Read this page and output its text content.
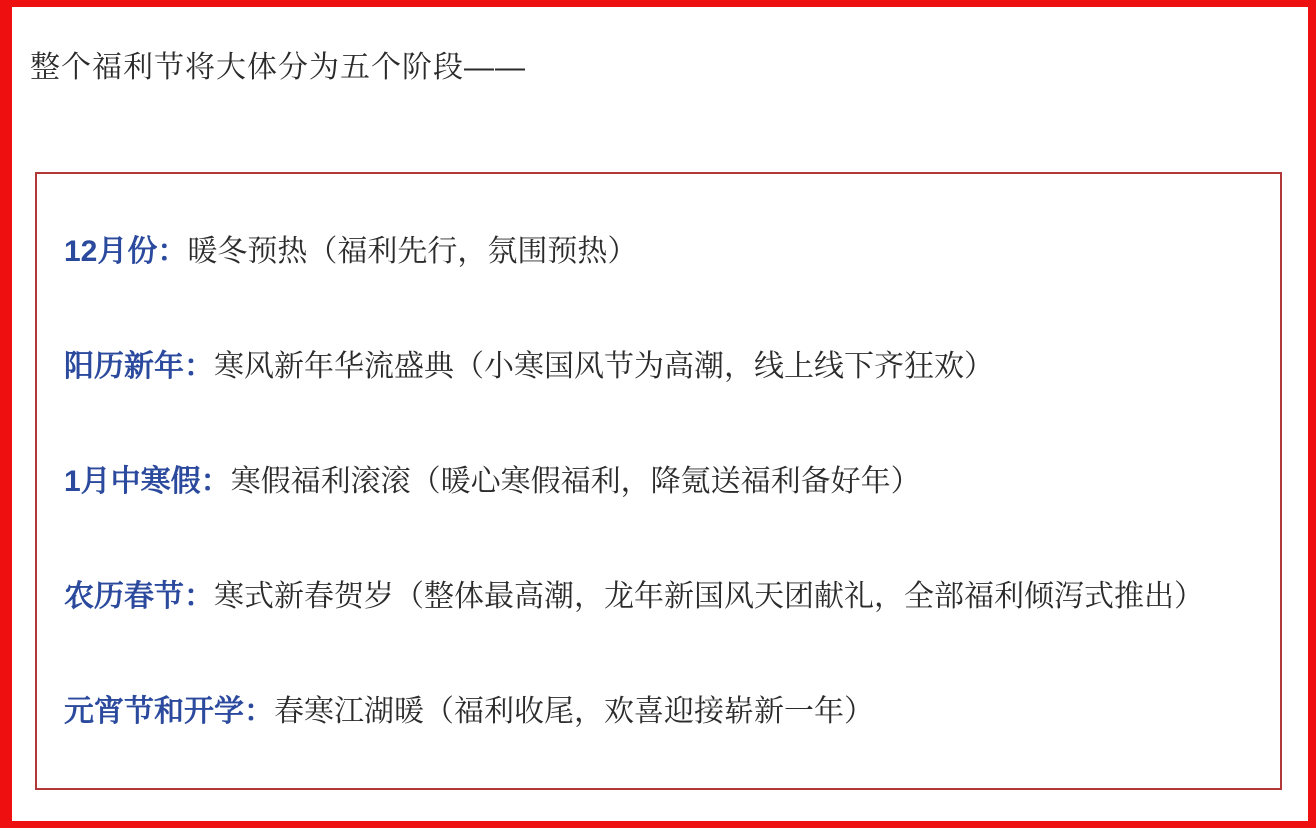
整个福利节将大体分为五个阶段——

12月份：暖冬预热（福利先行，氛围预热）
阳历新年：寒风新年华流盛典（小寒国风节为高潮，线上线下齐狂欢）
1月中寒假：寒假福利滚滚（暖心寒假福利，降氪送福利备好年）
农历春节：寒式新春贺岁（整体最高潮，龙年新国风天团献礼，全部福利倾泻式推出）
元宵节和开学：春寒江湖暖（福利收尾，欢喜迎接崭新一年）
